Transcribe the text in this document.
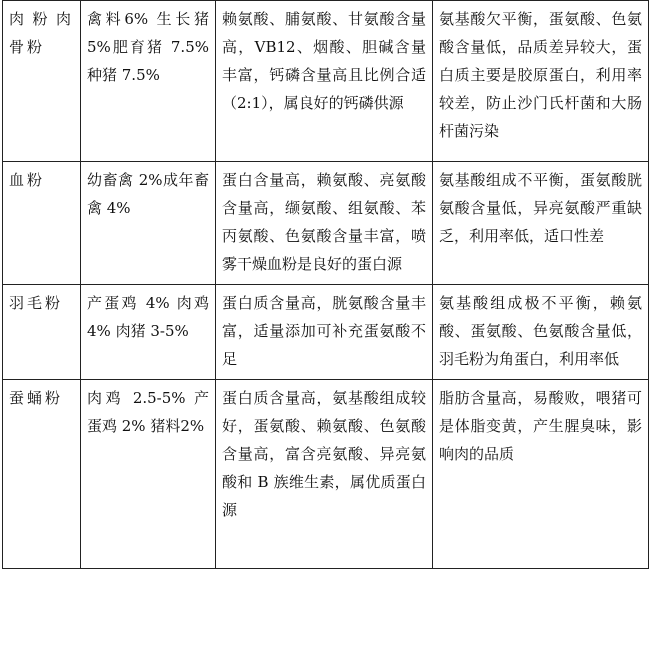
肉粉肉骨粉	禽料6% 生长猪5%肥育猪 7.5%种猪 7.5%	赖氨酸、脯氨酸、甘氨酸含量高，VB12、烟酸、胆碱含量丰富，钙磷含量高且比例合适（2:1），属良好的钙磷供源	氨基酸欠平衡，蛋氨酸、色氨酸含量低，品质差异较大，蛋白质主要是胶原蛋白，利用率较差，防止沙门氏杆菌和大肠杆菌污染
血粉	幼畜禽 2%成年畜禽 4%	蛋白含量高，赖氨酸、亮氨酸含量高，缬氨酸、组氨酸、苯丙氨酸、色氨酸含量丰富，喷雾干燥血粉是良好的蛋白源	氨基酸组成不平衡，蛋氨酸胱氨酸含量低，异亮氨酸严重缺乏，利用率低，适口性差
羽毛粉	产蛋鸡 4% 肉鸡4% 肉猪 3-5%	蛋白质含量高，胱氨酸含量丰富，适量添加可补充蛋氨酸不足	氨基酸组成极不平衡，赖氨酸、蛋氨酸、色氨酸含量低，羽毛粉为角蛋白，利用率低
蚕蛹粉	肉鸡 2.5-5% 产蛋鸡 2% 猪料2%	蛋白质含量高，氨基酸组成较好，蛋氨酸、赖氨酸、色氨酸含量高，富含亮氨酸、异亮氨酸和 B 族维生素，属优质蛋白源	脂肪含量高，易酸败，喂猪可是体脂变黄，产生腥臭味，影响肉的品质
